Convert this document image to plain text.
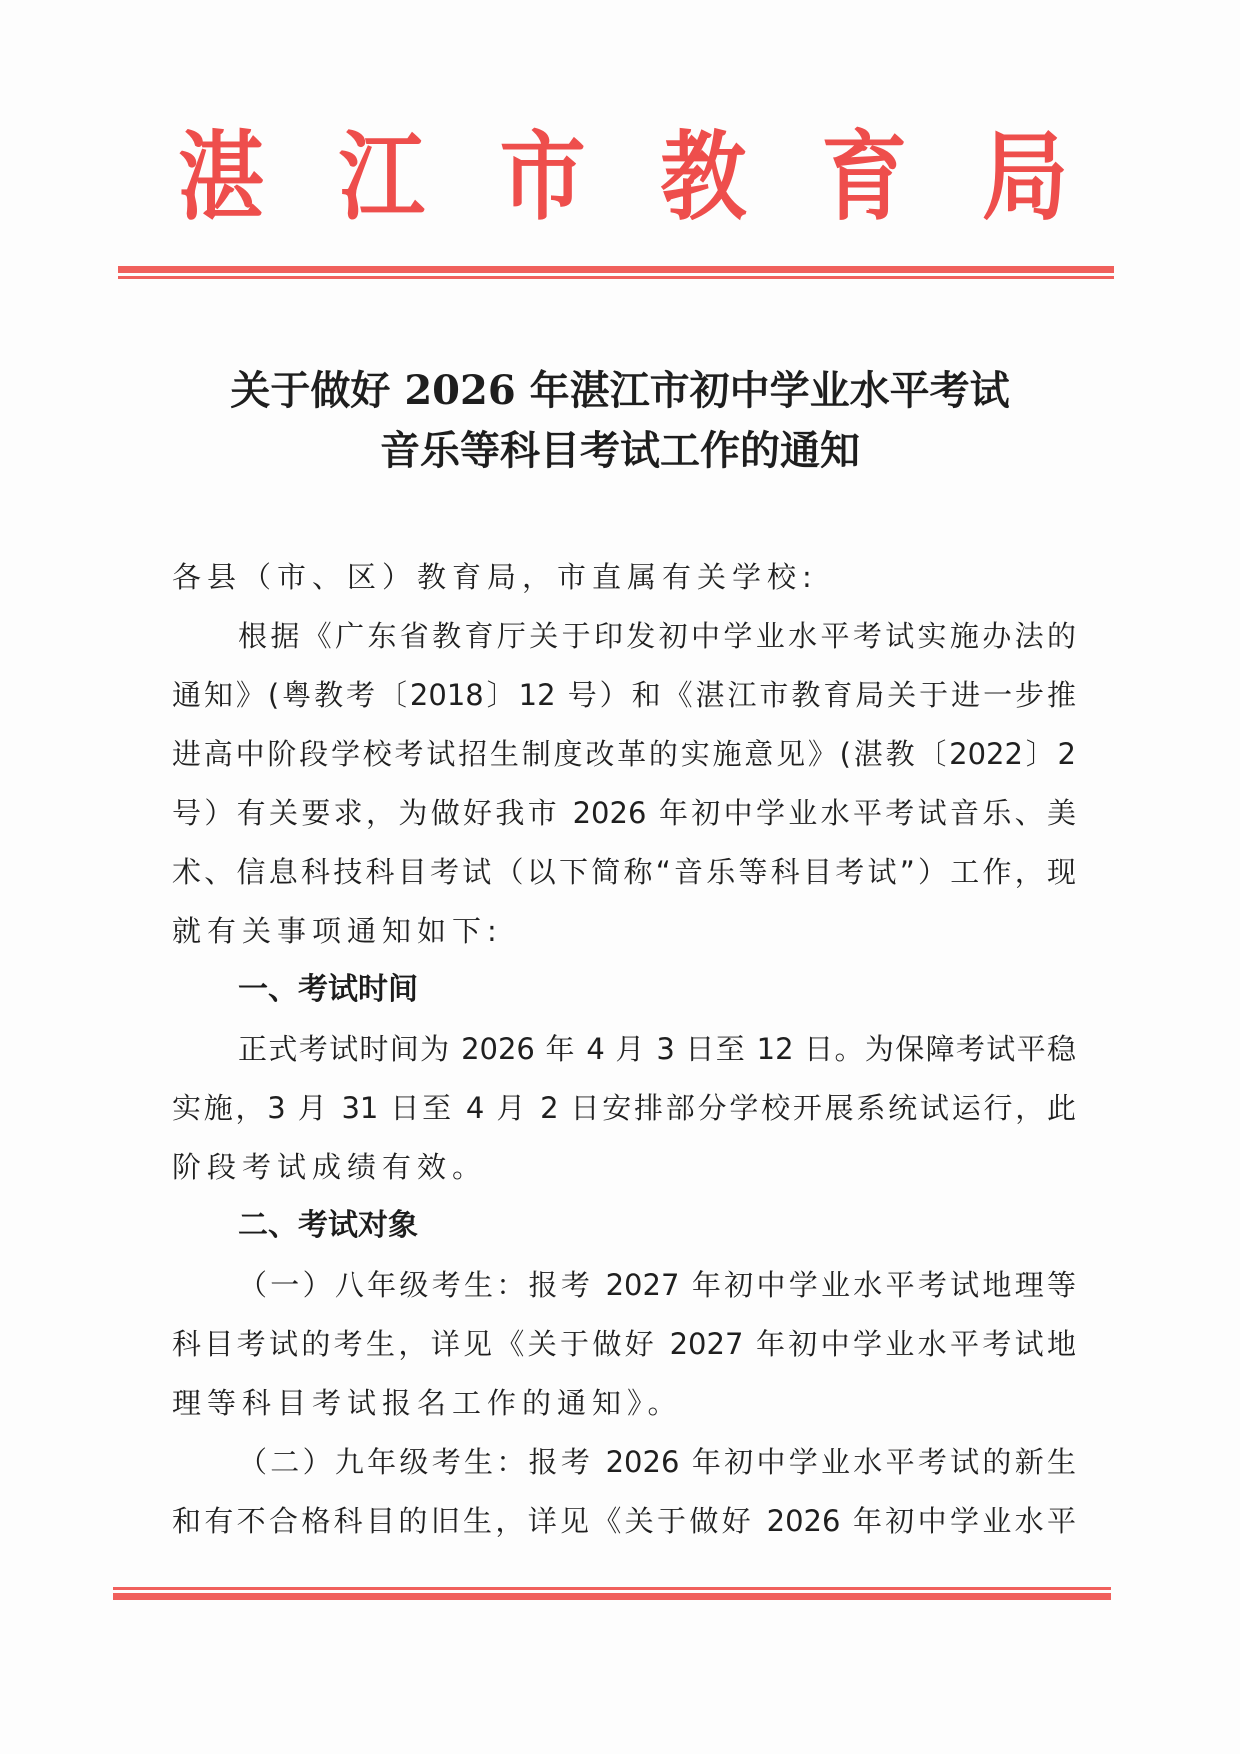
湛 江 市 教 育 局
关于做好 2026 年湛江市初中学业水平考试
音乐等科目考试工作的通知
各县（市、区）教育局，市直属有关学校:
根据《广东省教育厅关于印发初中学业水平考试实施办法的
通知》(粤教考〔2018〕12 号）和《湛江市教育局关于进一步推
进高中阶段学校考试招生制度改革的实施意见》(湛教〔2022〕2
号）有关要求，为做好我市 2026 年初中学业水平考试音乐、美
术、信息科技科目考试（以下简称“音乐等科目考试”）工作，现
就有关事项通知如下:
一、考试时间
正式考试时间为 2026 年 4 月 3 日至 12 日。为保障考试平稳
实施，3 月 31 日至 4 月 2 日安排部分学校开展系统试运行，此
阶段考试成绩有效。
二、考试对象
（一）八年级考生：报考 2027 年初中学业水平考试地理等
科目考试的考生，详见《关于做好 2027 年初中学业水平考试地
理等科目考试报名工作的通知》。
（二）九年级考生：报考 2026 年初中学业水平考试的新生
和有不合格科目的旧生，详见《关于做好 2026 年初中学业水平
